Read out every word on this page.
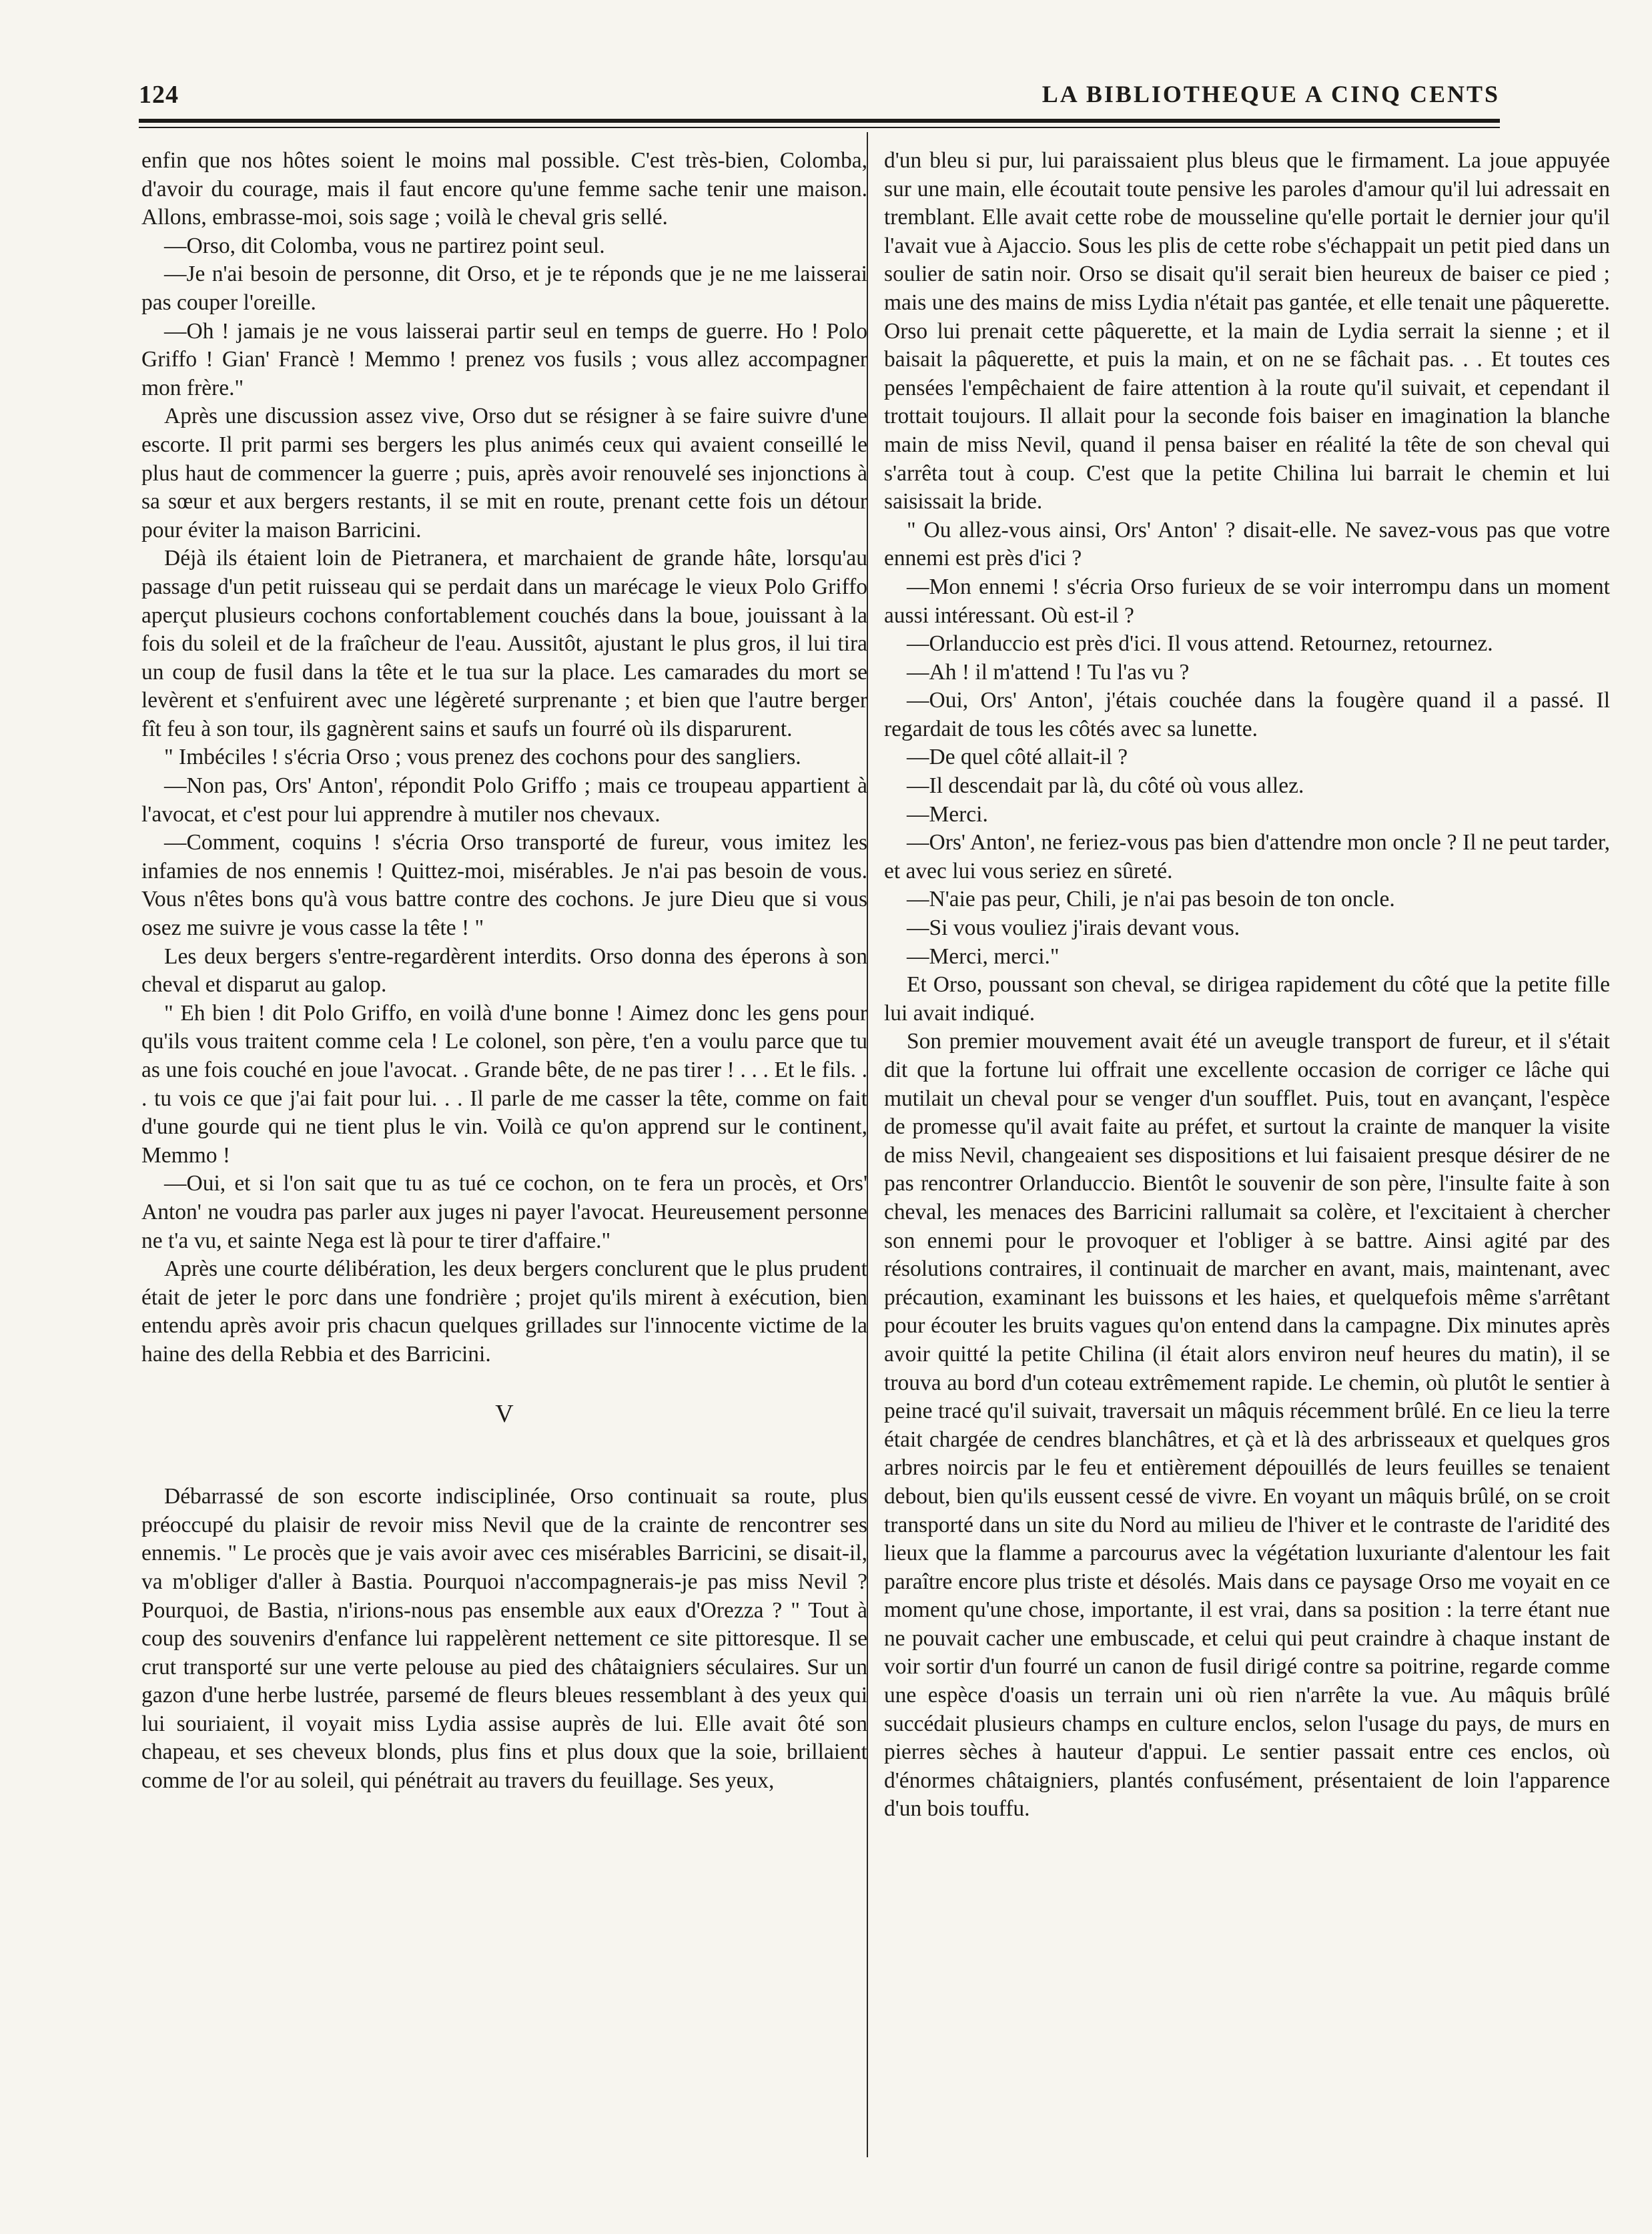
124	LA BIBLIOTHEQUE A CINQ CENTS

enfin que nos hôtes soient le moins mal possible. C'est très-bien, Colomba, d'avoir du courage, mais il faut encore qu'une femme sache tenir une maison. Allons, embrasse-moi, sois sage ; voilà le cheval gris sellé.

—Orso, dit Colomba, vous ne partirez point seul.

—Je n'ai besoin de personne, dit Orso, et je te réponds que je ne me laisserai pas couper l'oreille.

—Oh ! jamais je ne vous laisserai partir seul en temps de guerre. Ho ! Polo Griffo ! Gian' Francè ! Memmo ! prenez vos fusils ; vous allez accompagner mon frère."

Après une discussion assez vive, Orso dut se résigner à se faire suivre d'une escorte. Il prit parmi ses bergers les plus animés ceux qui avaient conseillé le plus haut de commencer la guerre ; puis, après avoir renouvelé ses injonctions à sa sœur et aux bergers restants, il se mit en route, prenant cette fois un détour pour éviter la maison Barricini.

Déjà ils étaient loin de Pietranera, et marchaient de grande hâte, lorsqu'au passage d'un petit ruisseau qui se perdait dans un marécage le vieux Polo Griffo aperçut plusieurs cochons confortablement couchés dans la boue, jouissant à la fois du soleil et de la fraîcheur de l'eau. Aussitôt, ajustant le plus gros, il lui tira un coup de fusil dans la tête et le tua sur la place. Les camarades du mort se levèrent et s'enfuirent avec une légèreté surprenante ; et bien que l'autre berger fît feu à son tour, ils gagnèrent sains et saufs un fourré où ils disparurent.

" Imbéciles ! s'écria Orso ; vous prenez des cochons pour des sangliers.

—Non pas, Ors' Anton', répondit Polo Griffo ; mais ce troupeau appartient à l'avocat, et c'est pour lui apprendre à mutiler nos chevaux.

—Comment, coquins ! s'écria Orso transporté de fureur, vous imitez les infamies de nos ennemis ! Quittez-moi, misérables. Je n'ai pas besoin de vous. Vous n'êtes bons qu'à vous battre contre des cochons. Je jure Dieu que si vous osez me suivre je vous casse la tête ! "

Les deux bergers s'entre-regardèrent interdits. Orso donna des éperons à son cheval et disparut au galop.

" Eh bien ! dit Polo Griffo, en voilà d'une bonne ! Aimez donc les gens pour qu'ils vous traitent comme cela ! Le colonel, son père, t'en a voulu parce que tu as une fois couché en joue l'avocat. . Grande bête, de ne pas tirer ! . . . Et le fils. . . tu vois ce que j'ai fait pour lui. . . Il parle de me casser la tête, comme on fait d'une gourde qui ne tient plus le vin. Voilà ce qu'on apprend sur le continent, Memmo !

—Oui, et si l'on sait que tu as tué ce cochon, on te fera un procès, et Ors' Anton' ne voudra pas parler aux juges ni payer l'avocat. Heureusement personne ne t'a vu, et sainte Nega est là pour te tirer d'affaire."

Après une courte délibération, les deux bergers conclurent que le plus prudent était de jeter le porc dans une fondrière ; projet qu'ils mirent à exécution, bien entendu après avoir pris chacun quelques grillades sur l'innocente victime de la haine des della Rebbia et des Barricini.

V

Débarrassé de son escorte indisciplinée, Orso continuait sa route, plus préoccupé du plaisir de revoir miss Nevil que de la crainte de rencontrer ses ennemis. " Le procès que je vais avoir avec ces misérables Barricini, se disait-il, va m'obliger d'aller à Bastia. Pourquoi n'accompagnerais-je pas miss Nevil ? Pourquoi, de Bastia, n'irions-nous pas ensemble aux eaux d'Orezza ? " Tout à coup des souvenirs d'enfance lui rappelèrent nettement ce site pittoresque. Il se crut transporté sur une verte pelouse au pied des châtaigniers séculaires. Sur un gazon d'une herbe lustrée, parsemé de fleurs bleues ressemblant à des yeux qui lui souriaient, il voyait miss Lydia assise auprès de lui. Elle avait ôté son chapeau, et ses cheveux blonds, plus fins et plus doux que la soie, brillaient comme de l'or au soleil, qui pénétrait au travers du feuillage. Ses yeux,

d'un bleu si pur, lui paraissaient plus bleus que le firmament. La joue appuyée sur une main, elle écoutait toute pensive les paroles d'amour qu'il lui adressait en tremblant. Elle avait cette robe de mousseline qu'elle portait le dernier jour qu'il l'avait vue à Ajaccio. Sous les plis de cette robe s'échappait un petit pied dans un soulier de satin noir. Orso se disait qu'il serait bien heureux de baiser ce pied ; mais une des mains de miss Lydia n'était pas gantée, et elle tenait une pâquerette. Orso lui prenait cette pâquerette, et la main de Lydia serrait la sienne ; et il baisait la pâquerette, et puis la main, et on ne se fâchait pas. . . Et toutes ces pensées l'empêchaient de faire attention à la route qu'il suivait, et cependant il trottait toujours. Il allait pour la seconde fois baiser en imagination la blanche main de miss Nevil, quand il pensa baiser en réalité la tête de son cheval qui s'arrêta tout à coup. C'est que la petite Chilina lui barrait le chemin et lui saisissait la bride.

" Ou allez-vous ainsi, Ors' Anton' ? disait-elle. Ne savez-vous pas que votre ennemi est près d'ici ?

—Mon ennemi ! s'écria Orso furieux de se voir interrompu dans un moment aussi intéressant. Où est-il ?

—Orlanduccio est près d'ici. Il vous attend. Retournez, retournez.

—Ah ! il m'attend ! Tu l'as vu ?

—Oui, Ors' Anton', j'étais couchée dans la fougère quand il a passé. Il regardait de tous les côtés avec sa lunette.

—De quel côté allait-il ?

—Il descendait par là, du côté où vous allez.

—Merci.

—Ors' Anton', ne feriez-vous pas bien d'attendre mon oncle ? Il ne peut tarder, et avec lui vous seriez en sûreté.

—N'aie pas peur, Chili, je n'ai pas besoin de ton oncle.

—Si vous vouliez j'irais devant vous.

—Merci, merci."

Et Orso, poussant son cheval, se dirigea rapidement du côté que la petite fille lui avait indiqué.

Son premier mouvement avait été un aveugle transport de fureur, et il s'était dit que la fortune lui offrait une excellente occasion de corriger ce lâche qui mutilait un cheval pour se venger d'un soufflet. Puis, tout en avançant, l'espèce de promesse qu'il avait faite au préfet, et surtout la crainte de manquer la visite de miss Nevil, changeaient ses dispositions et lui faisaient presque désirer de ne pas rencontrer Orlanduccio. Bientôt le souvenir de son père, l'insulte faite à son cheval, les menaces des Barricini rallumait sa colère, et l'excitaient à chercher son ennemi pour le provoquer et l'obliger à se battre. Ainsi agité par des résolutions contraires, il continuait de marcher en avant, mais, maintenant, avec précaution, examinant les buissons et les haies, et quelquefois même s'arrêtant pour écouter les bruits vagues qu'on entend dans la campagne. Dix minutes après avoir quitté la petite Chilina (il était alors environ neuf heures du matin), il se trouva au bord d'un coteau extrêmement rapide. Le chemin, où plutôt le sentier à peine tracé qu'il suivait, traversait un mâquis récemment brûlé. En ce lieu la terre était chargée de cendres blanchâtres, et çà et là des arbrisseaux et quelques gros arbres noircis par le feu et entièrement dépouillés de leurs feuilles se tenaient debout, bien qu'ils eussent cessé de vivre. En voyant un mâquis brûlé, on se croit transporté dans un site du Nord au milieu de l'hiver et le contraste de l'aridité des lieux que la flamme a parcourus avec la végétation luxuriante d'alentour les fait paraître encore plus triste et désolés. Mais dans ce paysage Orso me voyait en ce moment qu'une chose, importante, il est vrai, dans sa position : la terre étant nue ne pouvait cacher une embuscade, et celui qui peut craindre à chaque instant de voir sortir d'un fourré un canon de fusil dirigé contre sa poitrine, regarde comme une espèce d'oasis un terrain uni où rien n'arrête la vue. Au mâquis brûlé succédait plusieurs champs en culture enclos, selon l'usage du pays, de murs en pierres sèches à hauteur d'appui. Le sentier passait entre ces enclos, où d'énormes châtaigniers, plantés confusément, présentaient de loin l'apparence d'un bois touffu.
